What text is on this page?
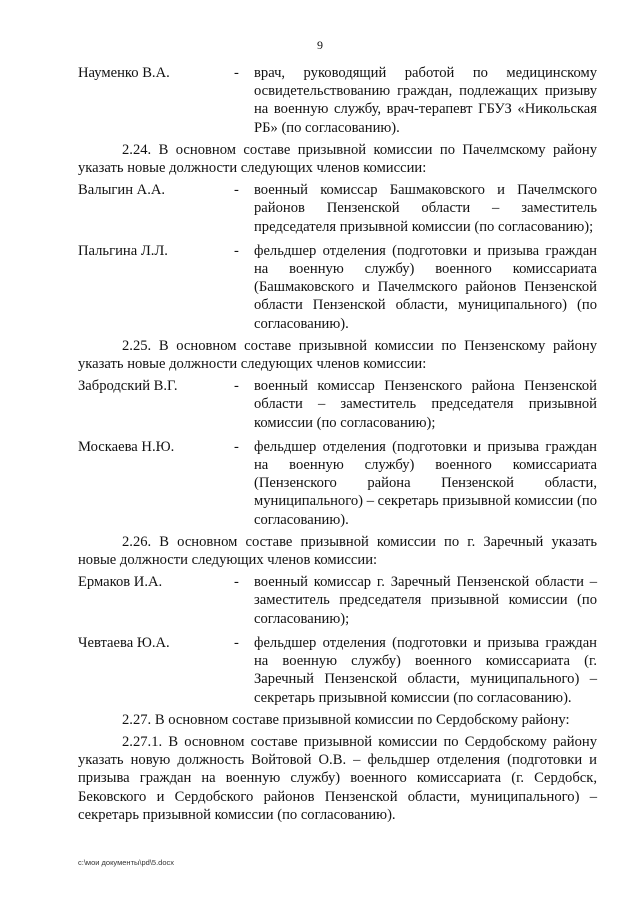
9
Науменко В.А.	-	врач, руководящий работой по медицинскому освидетельствованию граждан, подлежащих призыву на военную службу, врач-терапевт ГБУЗ «Никольская РБ» (по согласованию).
2.24. В основном составе призывной комиссии по Пачелмскому району указать новые должности следующих членов комиссии:
Валыгин А.А.	-	военный комиссар Башмаковского и Пачелмского районов Пензенской области – заместитель председателя призывной комиссии (по согласованию);
Пальгина Л.Л.	-	фельдшер отделения (подготовки и призыва граждан на военную службу) военного комиссариата (Башмаковского и Пачелмского районов Пензенской области Пензенской области, муниципального) (по согласованию).
2.25. В основном составе призывной комиссии по Пензенскому району указать новые должности следующих членов комиссии:
Забродский В.Г.	-	военный комиссар Пензенского района Пензенской области – заместитель председателя призывной комиссии (по согласованию);
Москаева Н.Ю.	-	фельдшер отделения (подготовки и призыва граждан на военную службу) военного комиссариата (Пензенского района Пензенской области, муниципального) – секретарь призывной комиссии (по согласованию).
2.26. В основном составе призывной комиссии по г. Заречный указать новые должности следующих членов комиссии:
Ермаков И.А.	-	военный комиссар г. Заречный Пензенской области – заместитель председателя призывной комиссии (по согласованию);
Чевтаева Ю.А.	-	фельдшер отделения (подготовки и призыва граждан на военную службу) военного комиссариата (г. Заречный Пензенской области, муниципального) – секретарь призывной комиссии (по согласованию).
2.27. В основном составе призывной комиссии по Сердобскому району:
2.27.1. В основном составе призывной комиссии по Сердобскому району указать новую должность Войтовой О.В. – фельдшер отделения (подготовки и призыва граждан на военную службу) военного комиссариата (г. Сердобск, Бековского и Сердобского районов Пензенской области, муниципального) – секретарь призывной комиссии (по согласованию).
c:\мои документы\pd\5.docx
